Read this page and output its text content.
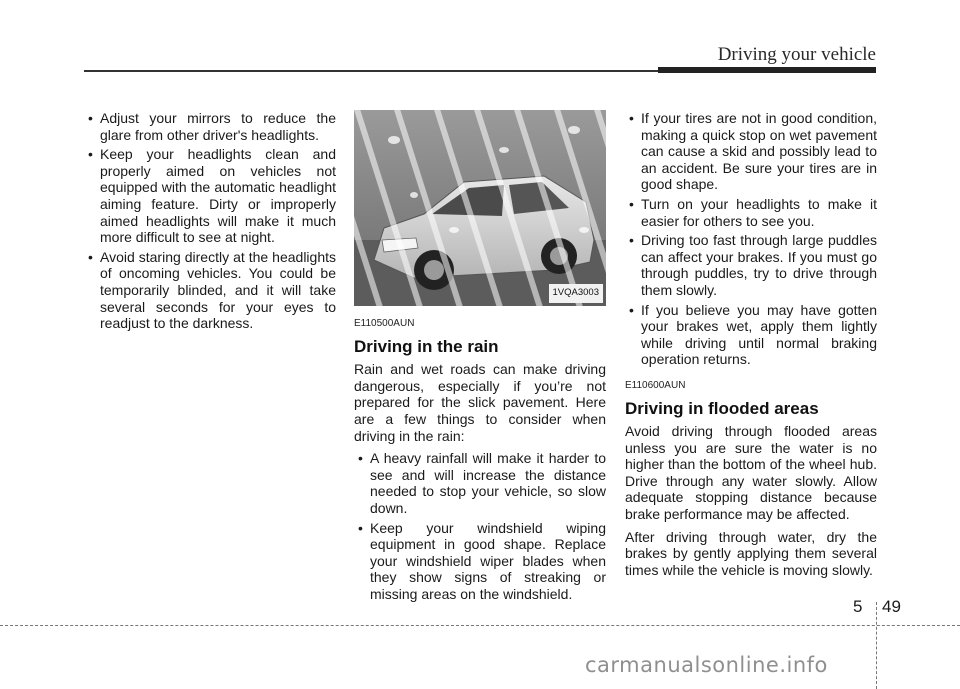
Driving your vehicle
• Adjust your mirrors to reduce the glare from other driver's headlights.
• Keep your headlights clean and properly aimed on vehicles not equipped with the automatic headlight aiming feature. Dirty or improperly aimed headlights will make it much more difficult to see at night.
• Avoid staring directly at the headlights of oncoming vehicles. You could be temporarily blinded, and it will take several seconds for your eyes to readjust to the darkness.
1VQA3003
E110500AUN
Driving in the rain

Rain and wet roads can make driving dangerous, especially if you’re not prepared for the slick pavement. Here are a few things to consider when driving in the rain:

• A heavy rainfall will make it harder to see and will increase the distance needed to stop your vehicle, so slow down.
• Keep your windshield wiping equipment in good shape. Replace your windshield wiper blades when they show signs of streaking or missing areas on the windshield.
• If your tires are not in good condition, making a quick stop on wet pavement can cause a skid and possibly lead to an accident. Be sure your tires are in good shape.
• Turn on your headlights to make it easier for others to see you.
• Driving too fast through large puddles can affect your brakes. If you must go through puddles, try to drive through them slowly.
• If you believe you may have gotten your brakes wet, apply them lightly while driving until normal braking operation returns.
E110600AUN
Driving in flooded areas

Avoid driving through flooded areas unless you are sure the water is no higher than the bottom of the wheel hub. Drive through any water slowly. Allow adequate stopping distance because brake performance may be affected.

After driving through water, dry the brakes by gently applying them several times while the vehicle is moving slowly.

5 49
carmanualsonline.info
